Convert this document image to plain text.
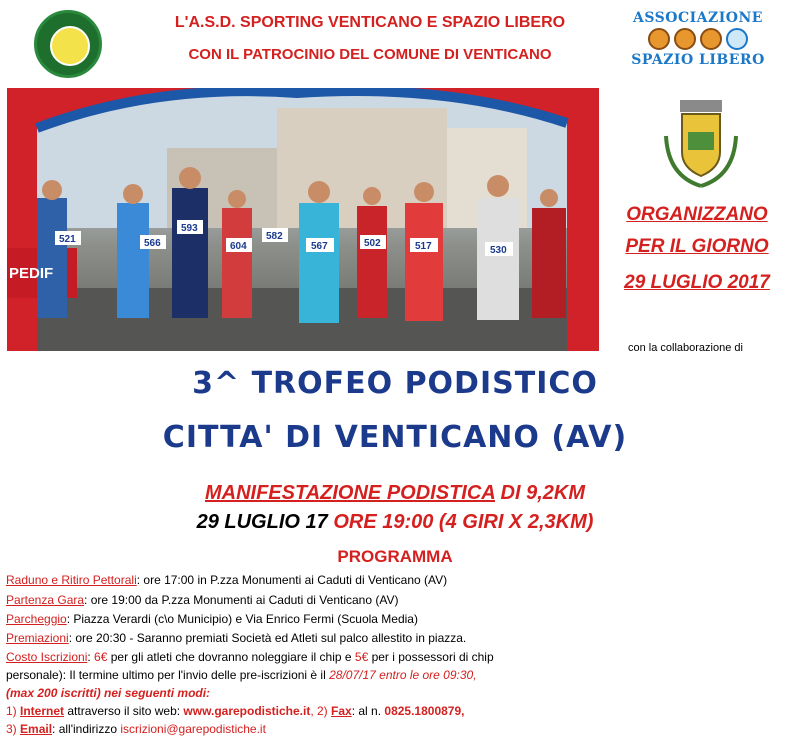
L'A.S.D. SPORTING VENTICANO E SPAZIO LIBERO
CON IL PATROCINIO DEL COMUNE DI VENTICANO
ASSOCIAZIONE
SPAZIO LIBERO
521	566
593
604	567	502
582
517	530
PEDIF
ORGANIZZANO
PER IL GIORNO
29 LUGLIO 2017
con la collaborazione di
3^ TROFEO PODISTICO
CITTA' DI VENTICANO (AV)
MANIFESTAZIONE PODISTICA DI 9,2KM
29 LUGLIO 17 ORE 19:00 (4 GIRI X 2,3KM)
PROGRAMMA
Raduno e Ritiro Pettorali: ore 17:00 in P.zza Monumenti ai Caduti di Venticano (AV)
Partenza Gara: ore 19:00 da P.zza Monumenti ai Caduti di Venticano (AV)
Parcheggio: Piazza Verardi (c\o Municipio) e Via Enrico Fermi (Scuola Media)
Premiazioni: ore 20:30 - Saranno premiati Società ed Atleti sul palco allestito in piazza.
Costo Iscrizioni: 6€ per gli atleti che dovranno noleggiare il chip e 5€ per i possessori di chip
personale): Il termine ultimo per l'invio delle pre-iscrizioni è il 28/07/17 entro le ore 09:30,
(max 200 iscritti) nei seguenti modi:
1) Internet attraverso il sito web: www.garepodistiche.it, 2) Fax: al n. 0825.1800879,
3) Email: all'indirizzo iscrizioni@garepodistiche.it
